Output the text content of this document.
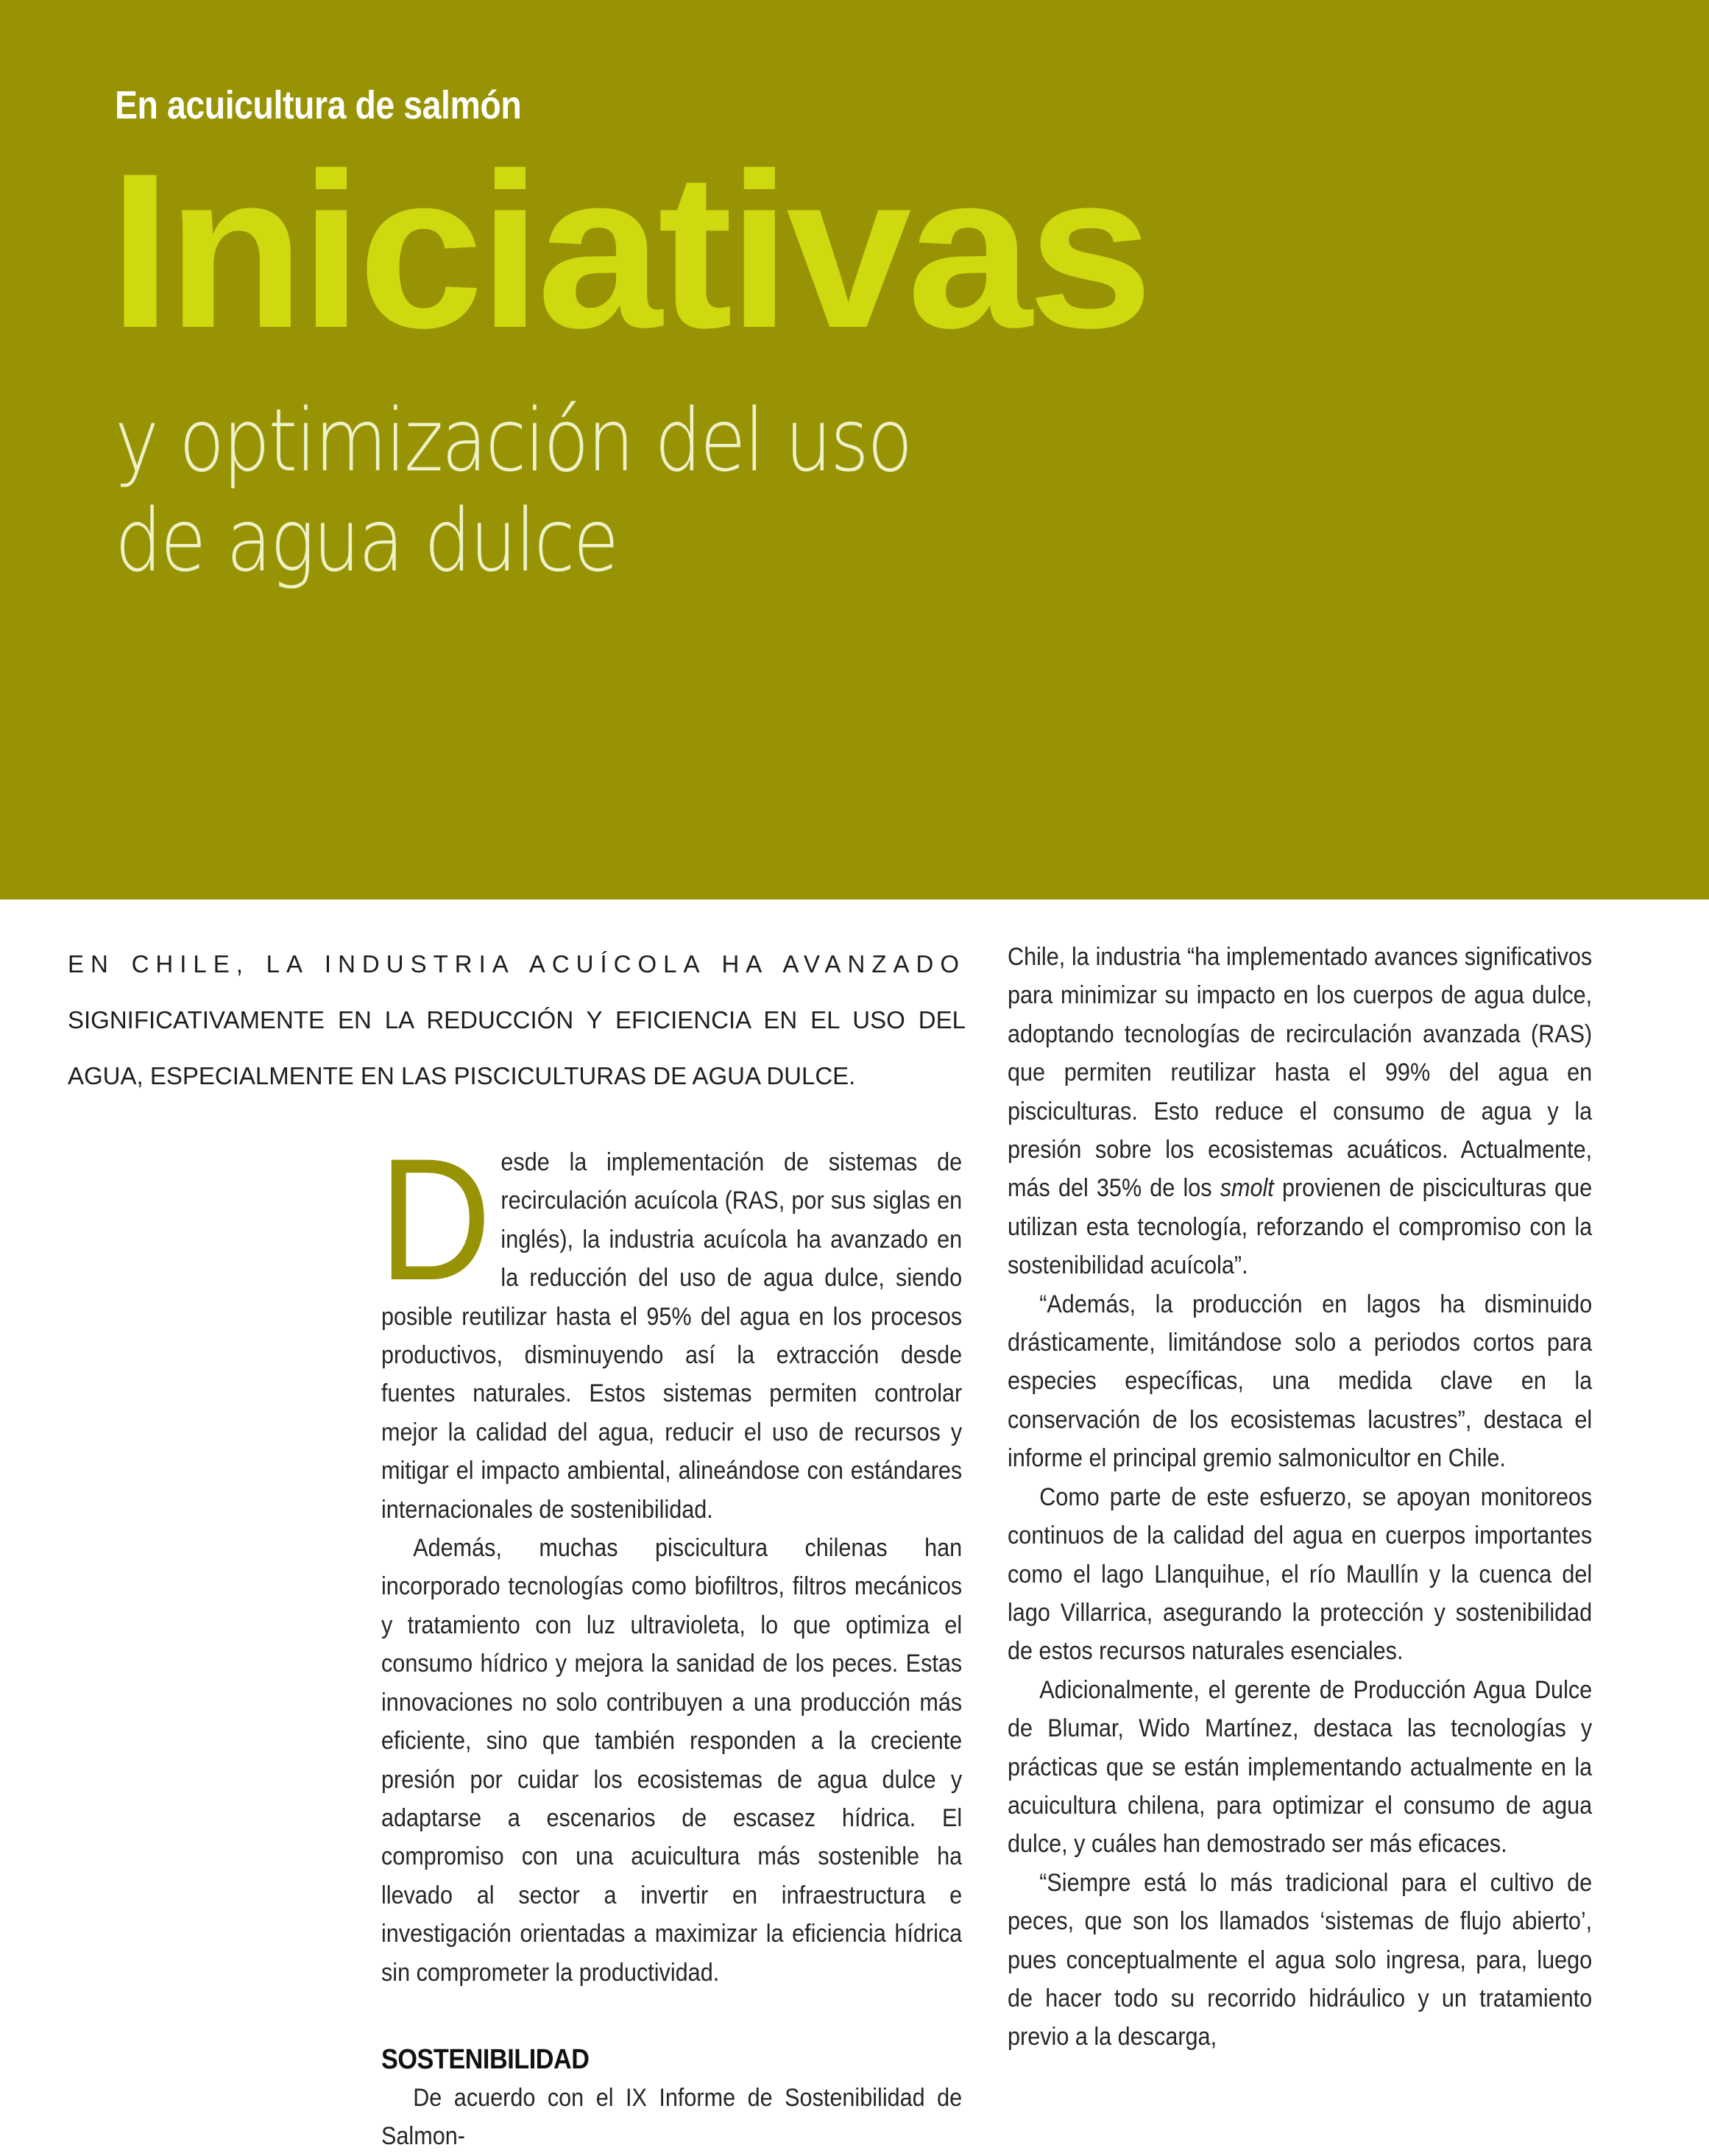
En acuicultura de salmón
Iniciativas
y optimización del uso
de agua dulce
EN CHILE, LA INDUSTRIA ACUÍCOLA HA AVANZADO
SIGNIFICATIVAMENTE EN LA REDUCCIÓN Y EFICIENCIA EN EL USO DEL
AGUA, ESPECIALMENTE EN LAS PISCICULTURAS DE AGUA DULCE.

Desde la implementación de sistemas de recirculación acuícola (RAS, por sus siglas en inglés), la industria acuícola ha avanzado en la reducción del uso de agua dulce, siendo posible reutilizar hasta el 95% del agua en los procesos productivos, disminuyendo así la extracción desde fuentes naturales. Estos sistemas permiten controlar mejor la calidad del agua, reducir el uso de recursos y mitigar el impacto ambiental, alineándose con estándares internacionales de sostenibilidad.

Además, muchas piscicultura chilenas han incorporado tecnologías como biofiltros, filtros mecánicos y tratamiento con luz ultravioleta, lo que optimiza el consumo hídrico y mejora la sanidad de los peces. Estas innovaciones no solo contribuyen a una producción más eficiente, sino que también responden a la creciente presión por cuidar los ecosistemas de agua dulce y adaptarse a escenarios de escasez hídrica. El compromiso con una acuicultura más sostenible ha llevado al sector a invertir en infraestructura e investigación orientadas a maximizar la eficiencia hídrica sin comprometer la productividad.

SOSTENIBILIDAD

De acuerdo con el IX Informe de Sostenibilidad de Salmon-

Chile, la industria “ha implementado avances significativos para minimizar su impacto en los cuerpos de agua dulce, adoptando tecnologías de recirculación avanzada (RAS) que permiten reutilizar hasta el 99% del agua en pisciculturas. Esto reduce el consumo de agua y la presión sobre los ecosistemas acuáticos. Actualmente, más del 35% de los smolt provienen de pisciculturas que utilizan esta tecnología, reforzando el compromiso con la sostenibilidad acuícola”.

“Además, la producción en lagos ha disminuido drásticamente, limitándose solo a periodos cortos para especies específicas, una medida clave en la conservación de los ecosistemas lacustres”, destaca el informe el principal gremio salmonicultor en Chile.

Como parte de este esfuerzo, se apoyan monitoreos continuos de la calidad del agua en cuerpos importantes como el lago Llanquihue, el río Maullín y la cuenca del lago Villarrica, asegurando la protección y sostenibilidad de estos recursos naturales esenciales.

Adicionalmente, el gerente de Producción Agua Dulce de Blumar, Wido Martínez, destaca las tecnologías y prácticas que se están implementando actualmente en la acuicultura chilena, para optimizar el consumo de agua dulce, y cuáles han demostrado ser más eficaces.

“Siempre está lo más tradicional para el cultivo de peces, que son los llamados ‘sistemas de flujo abierto’, pues conceptualmente el agua solo ingresa, para, luego de hacer todo su recorrido hidráulico y un tratamiento previo a la descarga,
